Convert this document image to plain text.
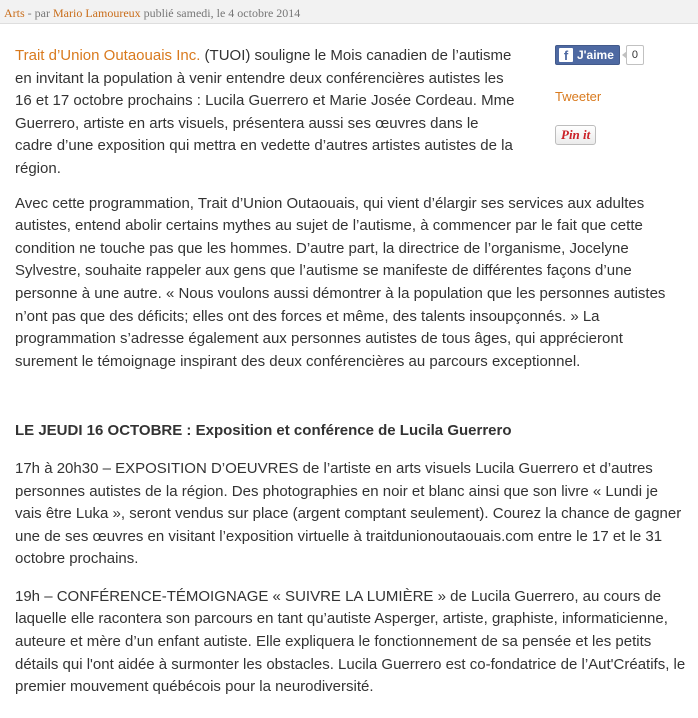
Arts - par Mario Lamoureux publié samedi, le 4 octobre 2014
f J'aime	0
Tweeter
Pin it

Trait d’Union Outaouais Inc. (TUOI) souligne le Mois canadien de l’autisme en invitant la population à venir entendre deux conférencières autistes les 16 et 17 octobre prochains : Lucila Guerrero et Marie Josée Cordeau. Mme Guerrero, artiste en arts visuels, présentera aussi ses œuvres dans le cadre d’une exposition qui mettra en vedette d’autres artistes autistes de la région.

Avec cette programmation, Trait d’Union Outaouais, qui vient d’élargir ses services aux adultes autistes, entend abolir certains mythes au sujet de l’autisme, à commencer par le fait que cette condition ne touche pas que les hommes. D’autre part, la directrice de l’organisme, Jocelyne Sylvestre, souhaite rappeler aux gens que l’autisme se manifeste de différentes façons d’une personne à une autre. « Nous voulons aussi démontrer à la population que les personnes autistes n’ont pas que des déficits; elles ont des forces et même, des talents insoupçonnés. » La programmation s’adresse également aux personnes autistes de tous âges, qui apprécieront surement le témoignage inspirant des deux conférencières au parcours exceptionnel.

LE JEUDI 16 OCTOBRE : Exposition et conférence de Lucila Guerrero

17h à 20h30 – EXPOSITION D’OEUVRES de l’artiste en arts visuels Lucila Guerrero et d’autres personnes autistes de la région. Des photographies en noir et blanc ainsi que son livre « Lundi je vais être Luka », seront vendus sur place (argent comptant seulement). Courez la chance de gagner une de ses œuvres en visitant l’exposition virtuelle à traitdunionoutaouais.com entre le 17 et le 31 octobre prochains.

19h – CONFÉRENCE-TÉMOIGNAGE « SUIVRE LA LUMIÈRE » de Lucila Guerrero, au cours de laquelle elle racontera son parcours en tant qu’autiste Asperger, artiste, graphiste, informaticienne, auteure et mère d’un enfant autiste. Elle expliquera le fonctionnement de sa pensée et les petits détails qui l'ont aidée à surmonter les obstacles. Lucila Guerrero est co-fondatrice de l’Aut'Créatifs, le premier mouvement québécois pour la neurodiversité.
